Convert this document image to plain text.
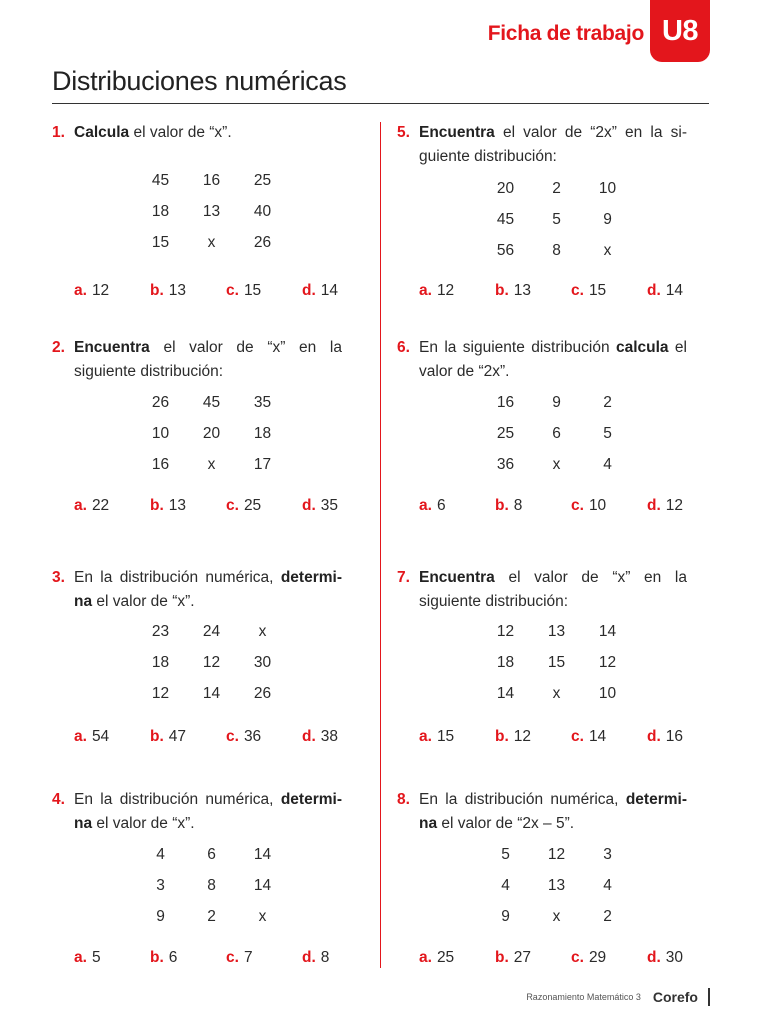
Ficha de trabajo U8
Distribuciones numéricas
1. Calcula el valor de “x”.
45	16	25
18	13	40
15	x	26
a. 12	b. 13	c. 15	d. 14
2. Encuentra el valor de “x” en la siguiente distribución:
26	45	35
10	20	18
16	x	17
a. 22	b. 13	c. 25	d. 35
3. En la distribución numérica, determina el valor de “x”.
23	24	x
18	12	30
12	14	26
a. 54	b. 47	c. 36	d. 38
4. En la distribución numérica, determina el valor de “x”.
4	6	14
3	8	14
9	2	x
a. 5	b. 6	c. 7	d. 8
5. Encuentra el valor de “2x” en la siguiente distribución:
20	2	10
45	5	9
56	8	x
a. 12	b. 13	c. 15	d. 14
6. En la siguiente distribución calcula el valor de “2x”.
16	9	2
25	6	5
36	x	4
a. 6	b. 8	c. 10	d. 12
7. Encuentra el valor de “x” en la siguiente distribución:
12	13	14
18	15	12
14	x	10
a. 15	b. 12	c. 14	d. 16
8. En la distribución numérica, determina el valor de “2x – 5”.
5	12	3
4	13	4
9	x	2
a. 25	b. 27	c. 29	d. 30
Razonamiento Matemático 3 Corefo
